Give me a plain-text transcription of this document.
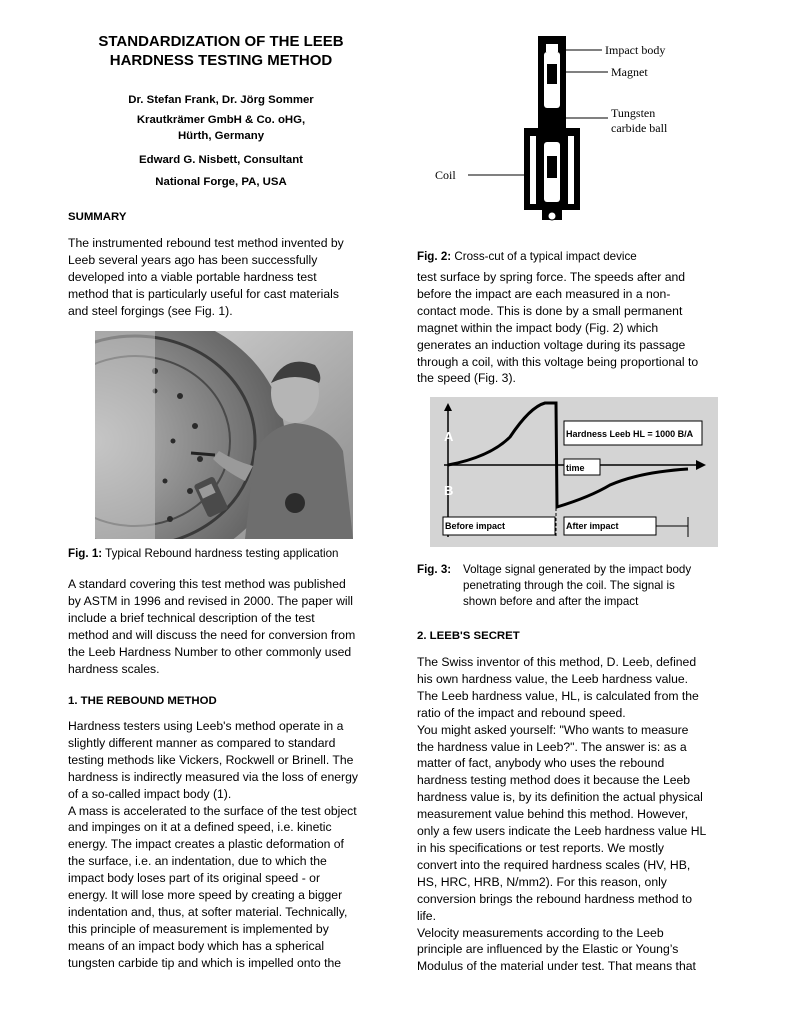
STANDARDIZATION OF THE LEEB
HARDNESS TESTING METHOD
Dr. Stefan Frank, Dr. Jörg Sommer
Krautkrämer GmbH & Co. oHG,
Hürth, Germany
Edward G. Nisbett, Consultant
National Forge, PA, USA
SUMMARY

The instrumented rebound test method invented by

Leeb several years ago has been successfully

developed into a viable portable hardness test

method that is particularly useful for cast materials

and steel forgings (see Fig. 1).

Fig. 1: Typical Rebound hardness testing application

A standard covering this test method was published

by ASTM in 1996 and revised in 2000. The paper will

include a brief technical description of the test

method and will discuss the need for conversion from

the Leeb Hardness Number to other commonly used

hardness scales.

1. THE REBOUND METHOD

Hardness testers using Leeb's method operate in a

slightly different manner as compared to standard

testing methods like Vickers, Rockwell or Brinell. The

hardness is indirectly measured via the loss of energy

of a so-called impact body (1).

A mass is accelerated to the surface of the test object

and impinges on it at a defined speed, i.e. kinetic

energy. The impact creates a plastic deformation of

the surface, i.e. an indentation, due to which the

impact body loses part of its original speed - or

energy. It will lose more speed by creating a bigger

indentation and, thus, at softer material. Technically,

this principle of measurement is implemented by

means of an impact body which has a spherical

tungsten carbide tip and which is impelled onto the

Impact body
Magnet
Tungsten
carbide ball
Coil
Fig. 2: Cross-cut of a typical impact device

test surface by spring force. The speeds after and

before the impact are each measured in a non-

contact mode. This is done by a small permanent

magnet within the impact body (Fig. 2) which

generates an induction voltage during its passage

through a coil, with this voltage being proportional to

the speed (Fig. 3).

Hardness Leeb HL = 1000 B/A
time
A
B
Before impact	After impact
Fig. 3:	Voltage signal generated by the impact body
penetrating through the coil. The signal is
shown before and after the impact
2. LEEB'S SECRET

The Swiss inventor of this method, D. Leeb, defined

his own hardness value, the Leeb hardness value.

The Leeb hardness value, HL, is calculated from the

ratio of the impact and rebound speed.

You might asked yourself: "Who wants to measure

the hardness value in Leeb?". The answer is: as a

matter of fact, anybody who uses the rebound

hardness testing method does it because the Leeb

hardness value is, by its definition the actual physical

measurement value behind this method. However,

only a few users indicate the Leeb hardness value HL

in his specifications or test reports. We mostly

convert into the required hardness scales (HV, HB,

HS, HRC, HRB, N/mm2). For this reason, only

conversion brings the rebound hardness method to

life.

Velocity measurements according to the Leeb

principle are influenced by the Elastic or Young’s

Modulus of the material under test. That means that
